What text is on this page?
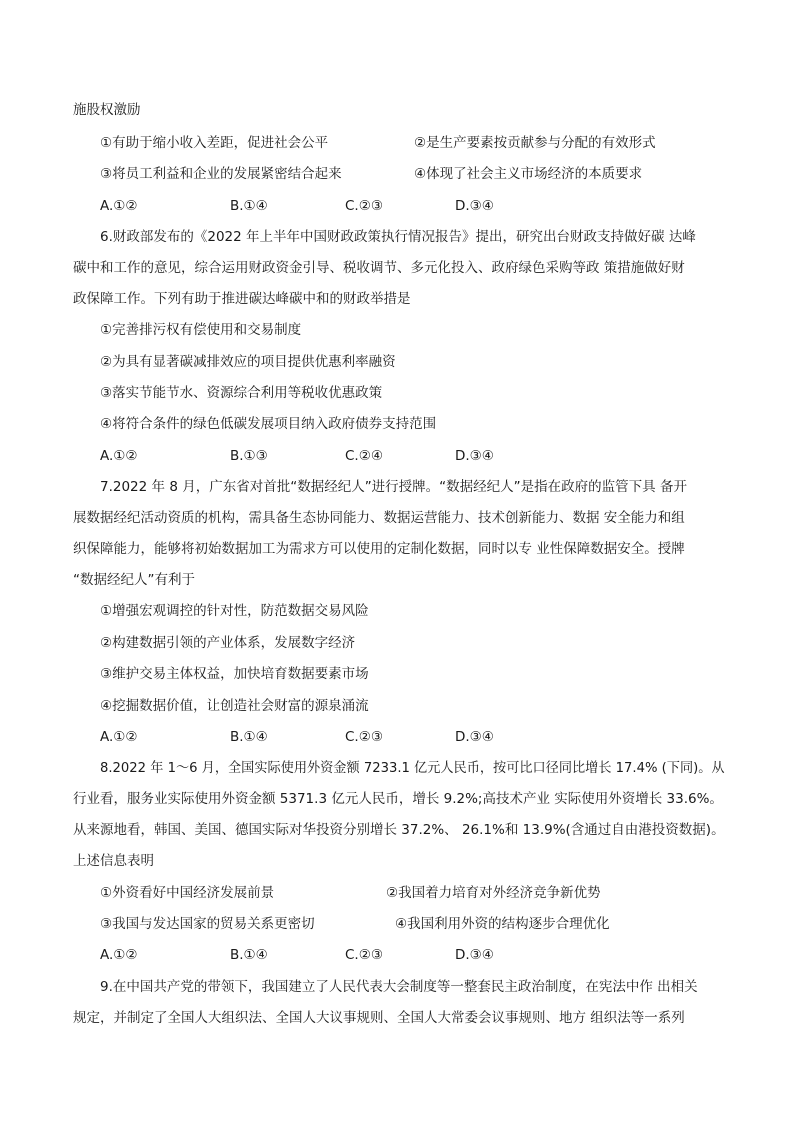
施股权激励
①有助于缩小收入差距，促进社会公平	②是生产要素按贡献参与分配的有效形式
③将员工利益和企业的发展紧密结合起来	④体现了社会主义市场经济的本质要求
A.①②	B.①④	C.②③	D.③④
6.财政部发布的《2022 年上半年中国财政政策执行情况报告》提出，研究出台财政支持做好碳 达峰
碳中和工作的意见，综合运用财政资金引导、税收调节、多元化投入、政府绿色采购等政 策措施做好财
政保障工作。下列有助于推进碳达峰碳中和的财政举措是
①完善排污权有偿使用和交易制度
②为具有显著碳减排效应的项目提供优惠利率融资
③落实节能节水、资源综合利用等税收优惠政策
④将符合条件的绿色低碳发展项目纳入政府债券支持范围
A.①②	B.①③	C.②④	D.③④
7.2022 年 8 月，广东省对首批“数据经纪人”进行授牌。“数据经纪人”是指在政府的监管下具 备开
展数据经纪活动资质的机构，需具备生态协同能力、数据运营能力、技术创新能力、数据 安全能力和组
织保障能力，能够将初始数据加工为需求方可以使用的定制化数据，同时以专 业性保障数据安全。授牌
“数据经纪人”有利于
①增强宏观调控的针对性，防范数据交易风险
②构建数据引领的产业体系，发展数字经济
③维护交易主体权益，加快培育数据要素市场
④挖掘数据价值，让创造社会财富的源泉涌流
A.①②	B.①④	C.②③	D.③④
8.2022 年 1～6 月，全国实际使用外资金额 7233.1 亿元人民币，按可比口径同比增长 17.4% (下同)。从
行业看，服务业实际使用外资金额 5371.3 亿元人民币，增长 9.2%;高技术产业 实际使用外资增长 33.6%。
从来源地看，韩国、美国、德国实际对华投资分别增长 37.2%、 26.1%和 13.9%(含通过自由港投资数据)。
上述信息表明
①外资看好中国经济发展前景	②我国着力培育对外经济竞争新优势
③我国与发达国家的贸易关系更密切	④我国利用外资的结构逐步合理优化
A.①②	B.①④	C.②③	D.③④
9.在中国共产党的带领下，我国建立了人民代表大会制度等一整套民主政治制度，在宪法中作 出相关
规定，并制定了全国人大组织法、全国人大议事规则、全国人大常委会议事规则、地方 组织法等一系列
